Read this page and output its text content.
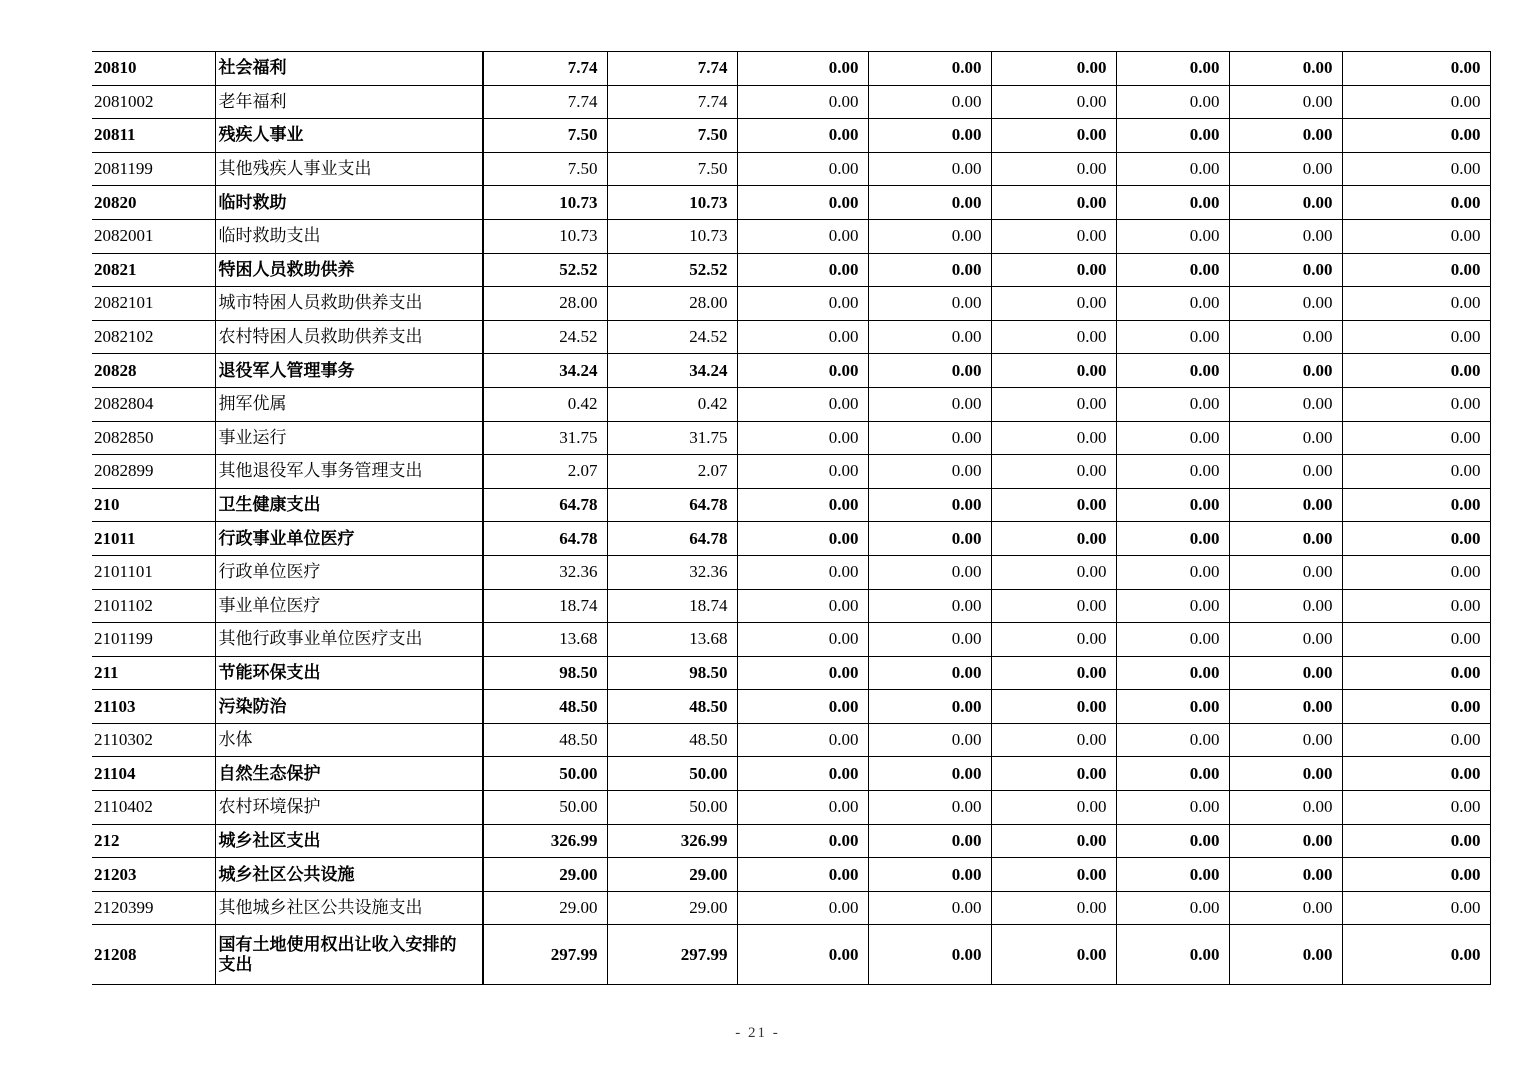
20810	社会福利	7.74	7.74	0.00	0.00	0.00	0.00	0.00	0.00
2081002	老年福利	7.74	7.74	0.00	0.00	0.00	0.00	0.00	0.00
20811	残疾人事业	7.50	7.50	0.00	0.00	0.00	0.00	0.00	0.00
2081199	其他残疾人事业支出	7.50	7.50	0.00	0.00	0.00	0.00	0.00	0.00
20820	临时救助	10.73	10.73	0.00	0.00	0.00	0.00	0.00	0.00
2082001	临时救助支出	10.73	10.73	0.00	0.00	0.00	0.00	0.00	0.00
20821	特困人员救助供养	52.52	52.52	0.00	0.00	0.00	0.00	0.00	0.00
2082101	城市特困人员救助供养支出	28.00	28.00	0.00	0.00	0.00	0.00	0.00	0.00
2082102	农村特困人员救助供养支出	24.52	24.52	0.00	0.00	0.00	0.00	0.00	0.00
20828	退役军人管理事务	34.24	34.24	0.00	0.00	0.00	0.00	0.00	0.00
2082804	拥军优属	0.42	0.42	0.00	0.00	0.00	0.00	0.00	0.00
2082850	事业运行	31.75	31.75	0.00	0.00	0.00	0.00	0.00	0.00
2082899	其他退役军人事务管理支出	2.07	2.07	0.00	0.00	0.00	0.00	0.00	0.00
210	卫生健康支出	64.78	64.78	0.00	0.00	0.00	0.00	0.00	0.00
21011	行政事业单位医疗	64.78	64.78	0.00	0.00	0.00	0.00	0.00	0.00
2101101	行政单位医疗	32.36	32.36	0.00	0.00	0.00	0.00	0.00	0.00
2101102	事业单位医疗	18.74	18.74	0.00	0.00	0.00	0.00	0.00	0.00
2101199	其他行政事业单位医疗支出	13.68	13.68	0.00	0.00	0.00	0.00	0.00	0.00
211	节能环保支出	98.50	98.50	0.00	0.00	0.00	0.00	0.00	0.00
21103	污染防治	48.50	48.50	0.00	0.00	0.00	0.00	0.00	0.00
2110302	水体	48.50	48.50	0.00	0.00	0.00	0.00	0.00	0.00
21104	自然生态保护	50.00	50.00	0.00	0.00	0.00	0.00	0.00	0.00
2110402	农村环境保护	50.00	50.00	0.00	0.00	0.00	0.00	0.00	0.00
212	城乡社区支出	326.99	326.99	0.00	0.00	0.00	0.00	0.00	0.00
21203	城乡社区公共设施	29.00	29.00	0.00	0.00	0.00	0.00	0.00	0.00
2120399	其他城乡社区公共设施支出	29.00	29.00	0.00	0.00	0.00	0.00	0.00	0.00
21208	国有土地使用权出让收入安排的支出	297.99	297.99	0.00	0.00	0.00	0.00	0.00	0.00
- 21 -
